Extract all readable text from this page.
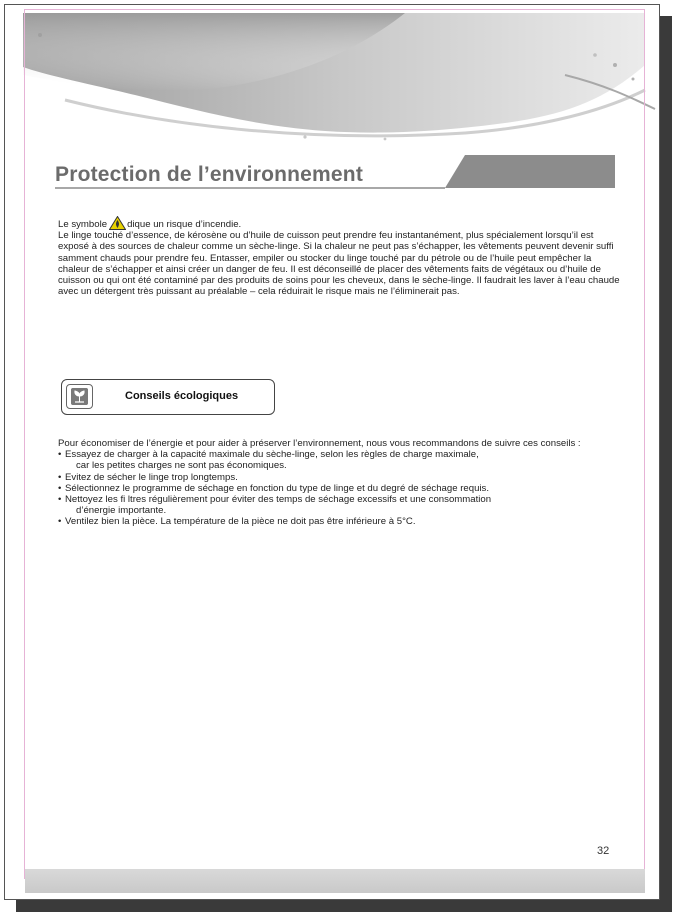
Protection de l’environnement

Le symbole dique un risque d’incendie.

Le linge touché d’essence, de kérosène ou d’huile de cuisson peut prendre feu instantanément, plus spécialement lorsqu’il est exposé à des sources de chaleur comme un sèche-linge. Si la chaleur ne peut pas s’échapper, les vêtements peuvent devenir suffi samment chauds pour prendre feu. Entasser, empiler ou stocker du linge touché par du pétrole ou de l’huile peut empêcher la chaleur de s’échapper et ainsi créer un danger de feu. Il est déconseillé de placer des vêtements faits de végétaux ou d’huile de cuisson ou qui ont été contaminé par des produits de soins pour les cheveux, dans le sèche-linge. Il faudrait les laver à l’eau chaude avec un détergent très puissant au préalable – cela réduirait le risque mais ne l’éliminerait pas.

Conseils écologiques

Pour économiser de l’énergie et pour aider à préserver l’environnement, nous vous recommandons de suivre ces conseils :

• Essayez de charger à la capacité maximale du sèche-linge, selon les règles de charge maximale,
car les petites charges ne sont pas économiques.
• Evitez de sécher le linge trop longtemps.
• Sélectionnez le programme de séchage en fonction du type de linge et du degré de séchage requis.
• Nettoyez les fi ltres régulièrement pour éviter des temps de séchage excessifs et une consommation
d’énergie importante.
• Ventilez bien la pièce. La température de la pièce ne doit pas être inférieure à 5°C.
32
